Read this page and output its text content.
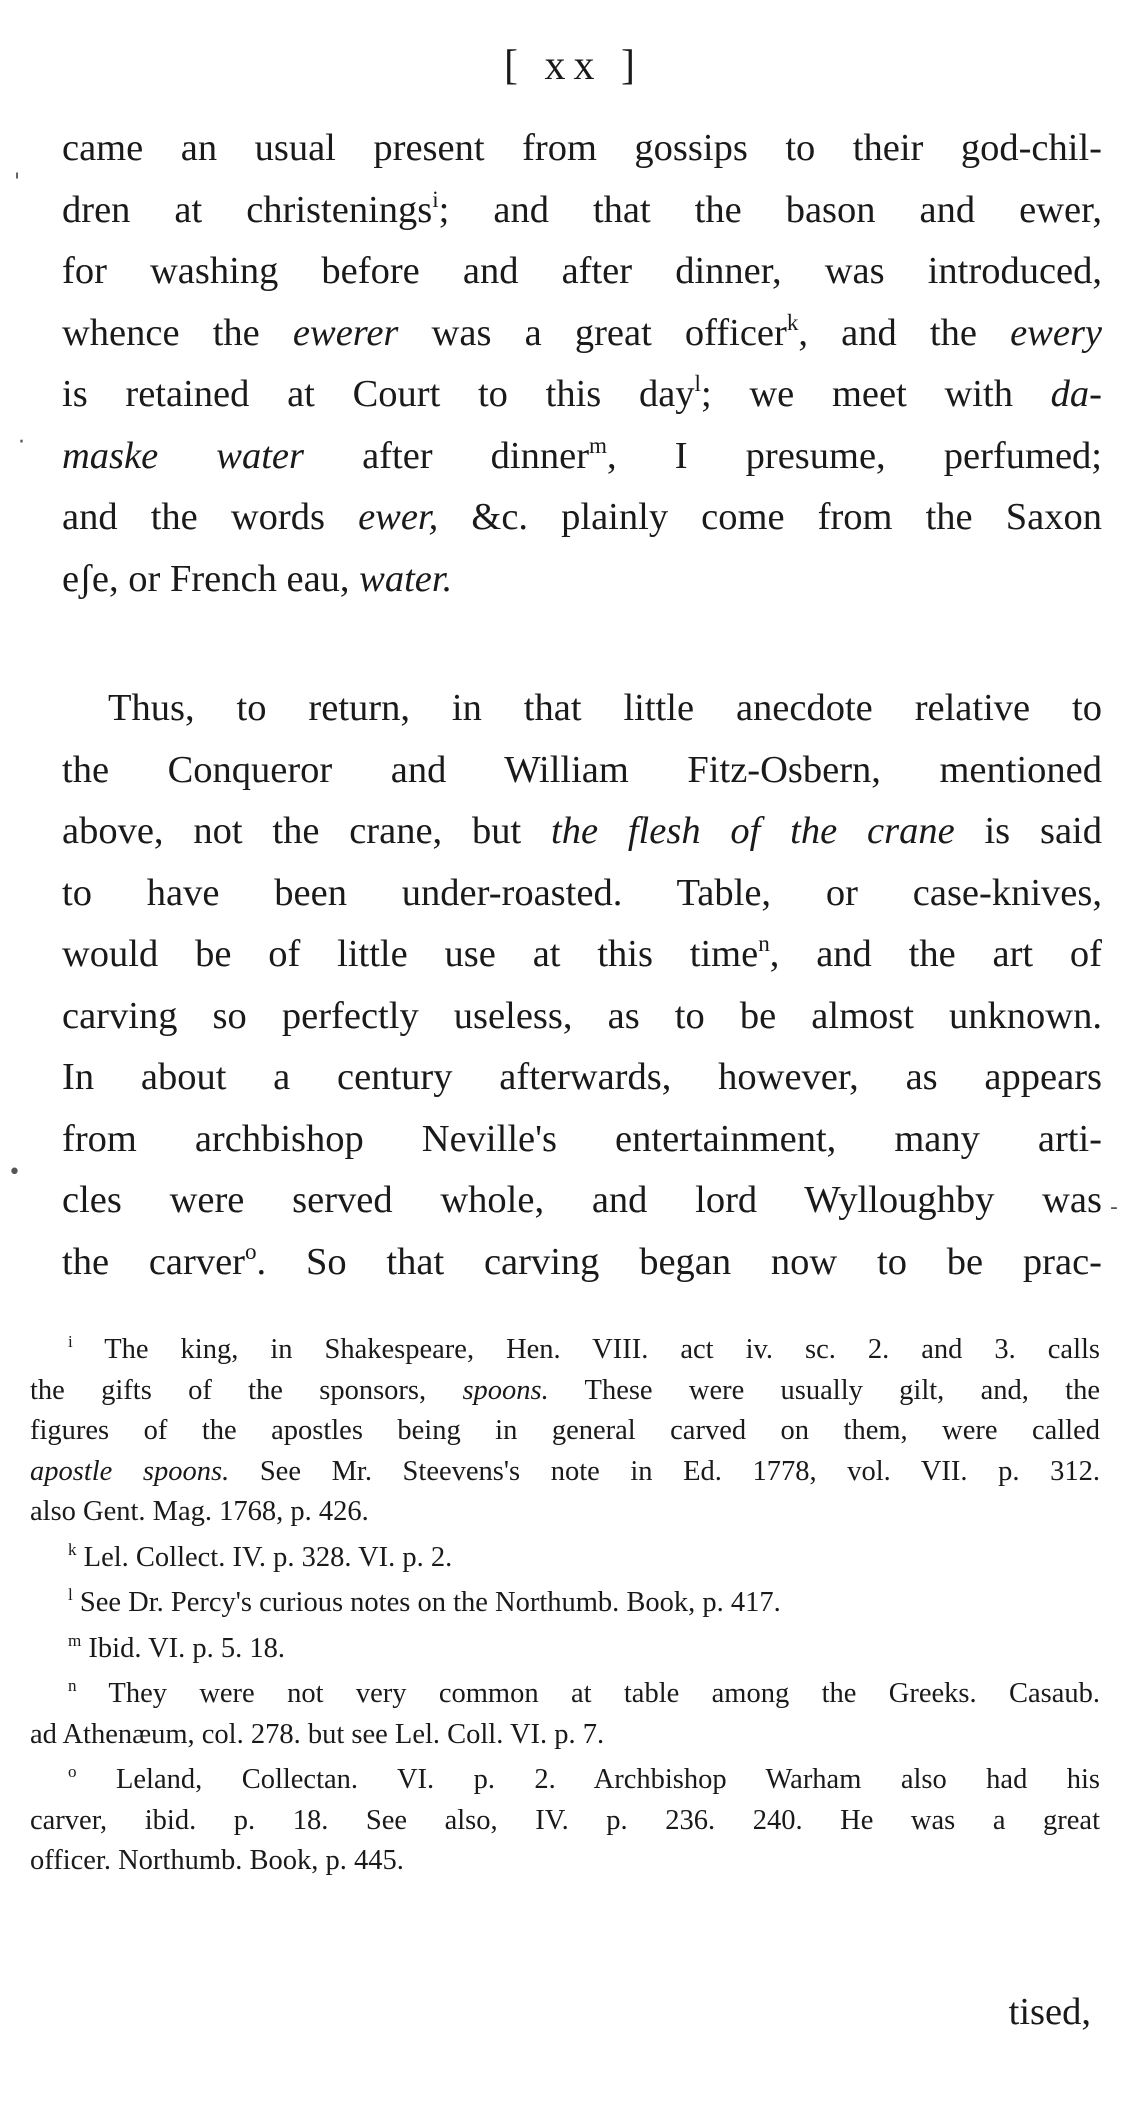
[ xx ]
came an usual present from gossips to their god-chil-
dren at christenings$^i$; and that the bason and ewer,
for washing before and after dinner, was introduced,
whence the ewerer was a great officer$^k$, and the ewery
is retained at Court to this day$^l$; we meet with da-
maske water after dinner$^m$, I presume, perfumed;
and the words ewer, &c. plainly come from the Saxon
eʃe, or French eau, water.
Thus, to return, in that little anecdote relative to
the Conqueror and William Fitz-Osbern, mentioned
above, not the crane, but the flesh of the crane is said
to have been under-roasted. Table, or case-knives,
would be of little use at this time$^n$, and the art of
carving so perfectly useless, as to be almost unknown.
In about a century afterwards, however, as appears
from archbishop Neville's entertainment, many arti-
cles were served whole, and lord Wylloughby was
the carver$^o$. So that carving began now to be prac-
$^i$ The king, in Shakespeare, Hen. VIII. act iv. sc. 2. and 3. calls
the gifts of the sponsors, spoons. These were usually gilt, and, the
figures of the apostles being in general carved on them, were called
apostle spoons. See Mr. Steevens's note in Ed. 1778, vol. VII. p. 312.
also Gent. Mag. 1768, p. 426.
$^k$ Lel. Collect. IV. p. 328. VI. p. 2.
$^l$ See Dr. Percy's curious notes on the Northumb. Book, p. 417.
$^m$ Ibid. VI. p. 5. 18.
$^n$ They were not very common at table among the Greeks. Casaub.
ad Athenæum, col. 278. but see Lel. Coll. VI. p. 7.
$^o$ Leland, Collectan. VI. p. 2. Archbishop Warham also had his
carver, ibid. p. 18. See also, IV. p. 236. 240. He was a great
officer. Northumb. Book, p. 445.
tised,
'
·
•
-
